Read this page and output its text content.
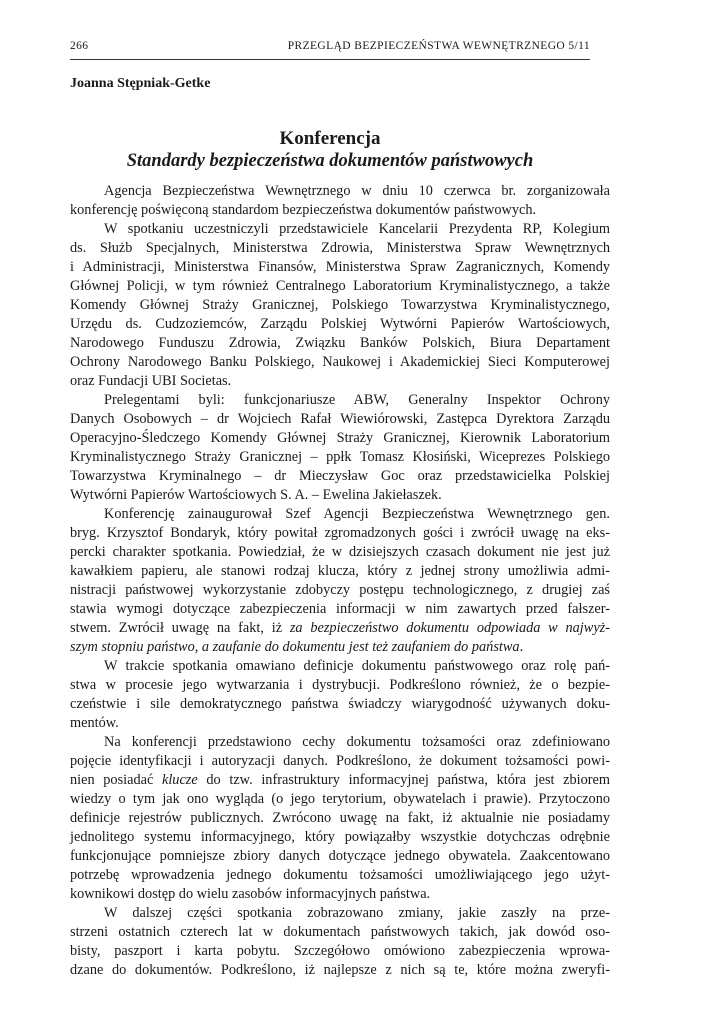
266	PRZEGLĄD BEZPIECZEŃSTWA WEWNĘTRZNEGO 5/11
Joanna Stępniak-Getke
Konferencja
Standardy bezpieczeństwa dokumentów państwowych
Agencja Bezpieczeństwa Wewnętrznego w dniu 10 czerwca br. zorganizowała
konferencję poświęconą standardom bezpieczeństwa dokumentów państwowych.
W spotkaniu uczestniczyli przedstawiciele Kancelarii Prezydenta RP, Kolegium
ds. Służb Specjalnych, Ministerstwa Zdrowia, Ministerstwa Spraw Wewnętrznych
i Administracji, Ministerstwa Finansów, Ministerstwa Spraw Zagranicznych, Komendy
Głównej Policji, w tym również Centralnego Laboratorium Kryminalistycznego, a także
Komendy Głównej Straży Granicznej, Polskiego Towarzystwa Kryminalistycznego,
Urzędu ds. Cudzoziemców, Zarządu Polskiej Wytwórni Papierów Wartościowych,
Narodowego Funduszu Zdrowia, Związku Banków Polskich, Biura Departament
Ochrony Narodowego Banku Polskiego, Naukowej i Akademickiej Sieci Komputerowej
oraz Fundacji UBI Societas.
Prelegentami byli: funkcjonariusze ABW, Generalny Inspektor Ochrony
Danych Osobowych – dr Wojciech Rafał Wiewiórowski, Zastępca Dyrektora Zarządu
Operacyjno-Śledczego Komendy Głównej Straży Granicznej, Kierownik Laboratorium
Kryminalistycznego Straży Granicznej – ppłk Tomasz Kłosiński, Wiceprezes Polskiego
Towarzystwa Kryminalnego – dr Mieczysław Goc oraz przedstawicielka Polskiej
Wytwórni Papierów Wartościowych S. A. – Ewelina Jakiełaszek.
Konferencję zainaugurował Szef Agencji Bezpieczeństwa Wewnętrznego gen.
bryg. Krzysztof Bondaryk, który powitał zgromadzonych gości i zwrócił uwagę na eks-
percki charakter spotkania. Powiedział, że w dzisiejszych czasach dokument nie jest już
kawałkiem papieru, ale stanowi rodzaj klucza, który z jednej strony umożliwia admi-
nistracji państwowej wykorzystanie zdobyczy postępu technologicznego, z drugiej zaś
stawia wymogi dotyczące zabezpieczenia informacji w nim zawartych przed fałszer-
stwem. Zwrócił uwagę na fakt, iż za bezpieczeństwo dokumentu odpowiada w najwyż-
szym stopniu państwo, a zaufanie do dokumentu jest też zaufaniem do państwa.
W trakcie spotkania omawiano definicje dokumentu państwowego oraz rolę pań-
stwa w procesie jego wytwarzania i dystrybucji. Podkreślono również, że o bezpie-
czeństwie i sile demokratycznego państwa świadczy wiarygodność używanych doku-
mentów.
Na konferencji przedstawiono cechy dokumentu tożsamości oraz zdefiniowano
pojęcie identyfikacji i autoryzacji danych. Podkreślono, że dokument tożsamości powi-
nien posiadać klucze do tzw. infrastruktury informacyjnej państwa, która jest zbiorem
wiedzy o tym jak ono wygląda (o jego terytorium, obywatelach i prawie). Przytoczono
definicje rejestrów publicznych. Zwrócono uwagę na fakt, iż aktualnie nie posiadamy
jednolitego systemu informacyjnego, który powiązałby wszystkie dotychczas odrębnie
funkcjonujące pomniejsze zbiory danych dotyczące jednego obywatela. Zaakcentowano
potrzebę wprowadzenia jednego dokumentu tożsamości umożliwiającego jego użyt-
kownikowi dostęp do wielu zasobów informacyjnych państwa.
W dalszej części spotkania zobrazowano zmiany, jakie zaszły na prze-
strzeni ostatnich czterech lat w dokumentach państwowych takich, jak dowód oso-
bisty, paszport i karta pobytu. Szczegółowo omówiono zabezpieczenia wprowa-
dzane do dokumentów. Podkreślono, iż najlepsze z nich są te, które można zweryfi-
